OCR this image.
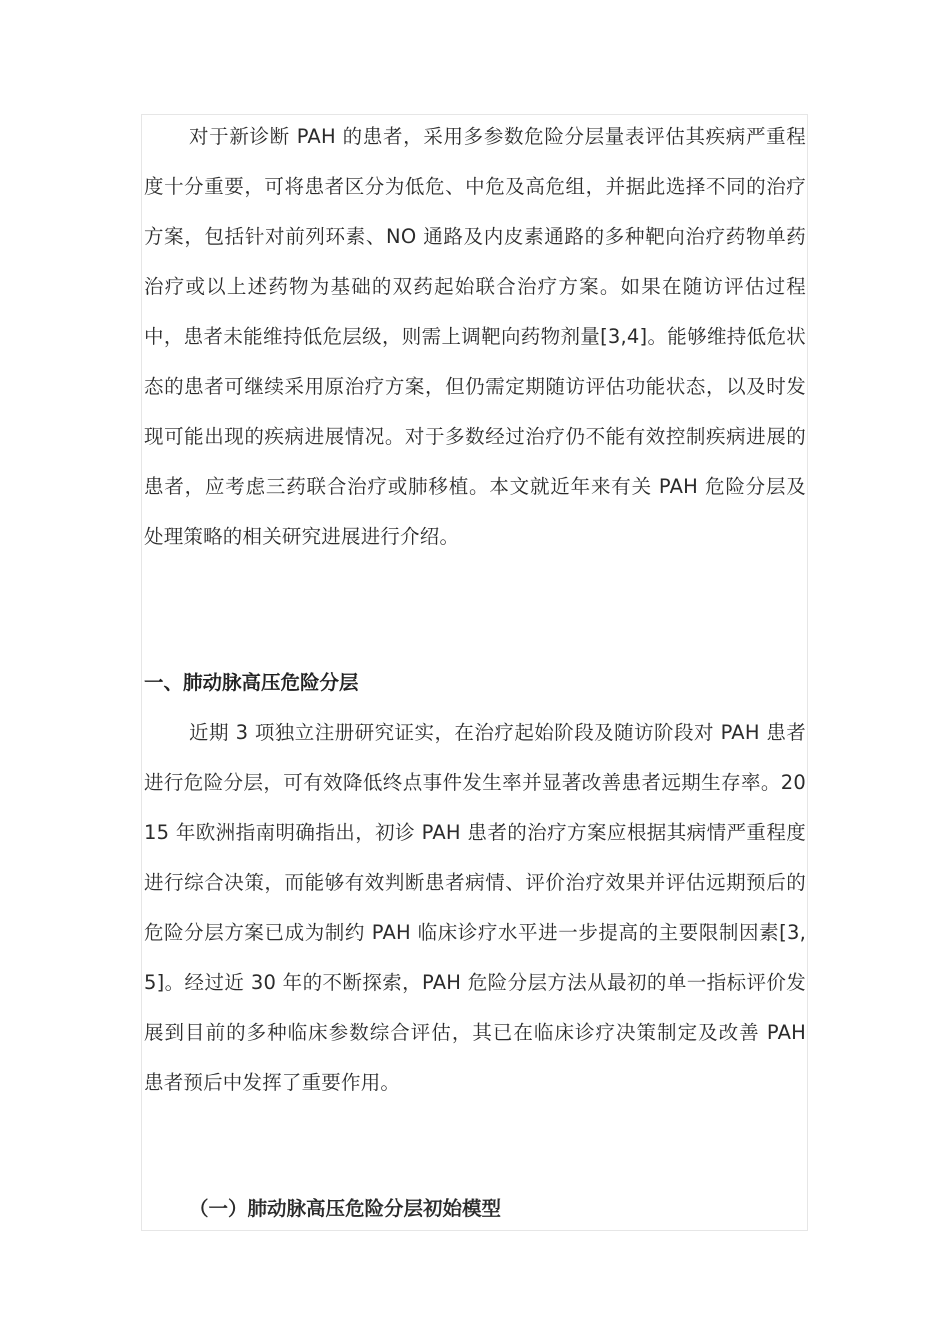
对于新诊断 PAH 的患者，采用多参数危险分层量表评估其疾病严重程度十分重要，可将患者区分为低危、中危及高危组，并据此选择不同的治疗方案，包括针对前列环素、NO 通路及内皮素通路的多种靶向治疗药物单药治疗或以上述药物为基础的双药起始联合治疗方案。如果在随访评估过程中，患者未能维持低危层级，则需上调靶向药物剂量[3,4]。能够维持低危状态的患者可继续采用原治疗方案，但仍需定期随访评估功能状态，以及时发现可能出现的疾病进展情况。对于多数经过治疗仍不能有效控制疾病进展的患者，应考虑三药联合治疗或肺移植。本文就近年来有关 PAH 危险分层及处理策略的相关研究进展进行介绍。

一、肺动脉高压危险分层

近期 3 项独立注册研究证实，在治疗起始阶段及随访阶段对 PAH 患者进行危险分层，可有效降低终点事件发生率并显著改善患者远期生存率。2015 年欧洲指南明确指出，初诊 PAH 患者的治疗方案应根据其病情严重程度进行综合决策，而能够有效判断患者病情、评价治疗效果并评估远期预后的危险分层方案已成为制约 PAH 临床诊疗水平进一步提高的主要限制因素[3,5]。经过近 30 年的不断探索，PAH 危险分层方法从最初的单一指标评价发展到目前的多种临床参数综合评估，其已在临床诊疗决策制定及改善 PAH 患者预后中发挥了重要作用。

（一）肺动脉高压危险分层初始模型
